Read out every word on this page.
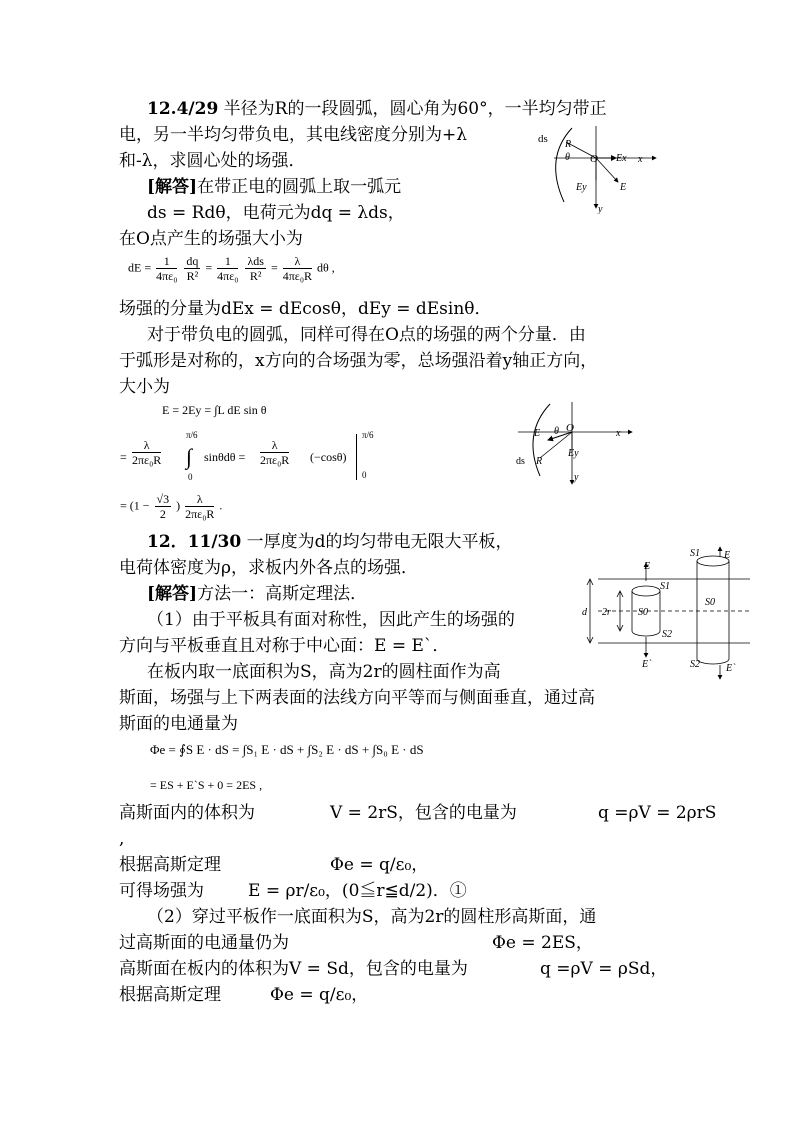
12.4/29 半径为R的一段圆弧，圆心角为60°，一半均匀带正
电，另一半均匀带负电，其电线密度分别为+λ
和-λ，求圆心处的场强．
[解答]在带正电的圆弧上取一弧元
ds = Rdθ，电荷元为dq = λds，
在O点产生的场强大小为
dE = $\frac{1}{\text{4πε₀}}$
$\frac{dq}{\text{R²}} = \frac{1}{\text{4πε₀}}$
$\frac{\text{λds}}{\text{R²}} = \frac{\lambda}{\text{4πε₀R}}$ dθ ,
场强的分量为dEx = dEcosθ，dEy = dEsinθ．
对于带负电的圆弧，同样可得在O点的场强的两个分量．由
于弧形是对称的，x方向的合场强为零，总场强沿着y轴正方向，
大小为
E = 2Ey = ∫L dE sin θ
= $\frac{\lambda}{\text{2πε₀R}}$
π/6
∫
0
$\sin\theta d\theta = \frac{\lambda}{\text{2πε₀R}} (-\cos\theta)$
π/6
0
= ($1 - \frac{√3}{2}$ ) $\frac{\lambda}{\text{2πε₀R}}$ .
ds R
θ O Ex x
Ey	E
y
x
E θ O
ds R
Ey
y
12．11/30 一厚度为d的均匀带电无限大平板，
电荷体密度为ρ，求板内外各点的场强．
[解答]方法一：高斯定理法．
（1）由于平板具有面对称性，因此产生的场强的
方向与平板垂直且对称于中心面：E = E`．
在板内取一底面积为S，高为2r的圆柱面作为高
斯面，场强与上下两表面的法线方向平等而与侧面垂直，通过高
斯面的电通量为
Φe = ∮S E · dS = ∫S₁ E · dS + ∫S₂ E · dS + ∫S₀ E · dS
= ES + E`S + 0 = 2ES ,
高斯面内的体积为	V = 2rS，包含的电量为	q =ρV = 2ρrS
,
根据高斯定理	Φe = q/ε₀，
可得场强为	E = ρr/ε₀，(0≦r≦d/2)．①
（2）穿过平板作一底面积为S，高为2r的圆柱形高斯面，通
过高斯面的电通量仍为	Φe = 2ES，
高斯面在板内的体积为V = Sd，包含的电量为	q =ρV = ρSd，
根据高斯定理	Φe = q/ε₀，
S1 E
E
S1
d 2r	S0
S0
S2
S2
E`	E`
